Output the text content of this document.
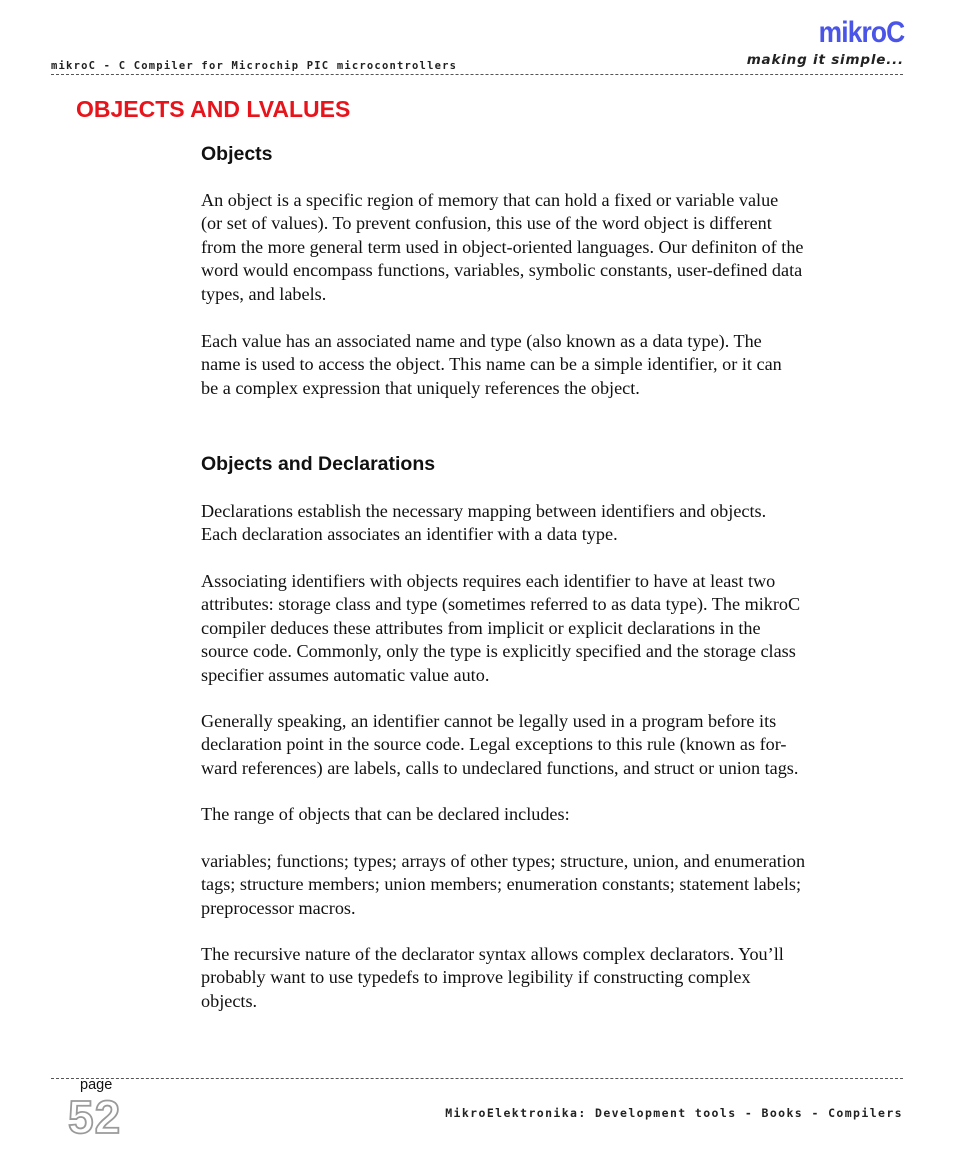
mikroC - C Compiler for Microchip PIC microcontrollers
mikroC
making it simple...
OBJECTS AND LVALUES
Objects

An object is a specific region of memory that can hold a fixed or variable value
(or set of values). To prevent confusion, this use of the word object is different
from the more general term used in object-oriented languages. Our definiton of the
word would encompass functions, variables, symbolic constants, user-defined data
types, and labels.

Each value has an associated name and type (also known as a data type). The
name is used to access the object. This name can be a simple identifier, or it can
be a complex expression that uniquely references the object.

Objects and Declarations

Declarations establish the necessary mapping between identifiers and objects.
Each declaration associates an identifier with a data type.

Associating identifiers with objects requires each identifier to have at least two
attributes: storage class and type (sometimes referred to as data type). The mikroC
compiler deduces these attributes from implicit or explicit declarations in the
source code. Commonly, only the type is explicitly specified and the storage class
specifier assumes automatic value auto.

Generally speaking, an identifier cannot be legally used in a program before its
declaration point in the source code. Legal exceptions to this rule (known as for-
ward references) are labels, calls to undeclared functions, and struct or union tags.

The range of objects that can be declared includes:

variables; functions; types; arrays of other types; structure, union, and enumeration
tags; structure members; union members; enumeration constants; statement labels;
preprocessor macros.

The recursive nature of the declarator syntax allows complex declarators. You’ll
probably want to use typedefs to improve legibility if constructing complex
objects.

page
52	MikroElektronika: Development tools - Books - Compilers
